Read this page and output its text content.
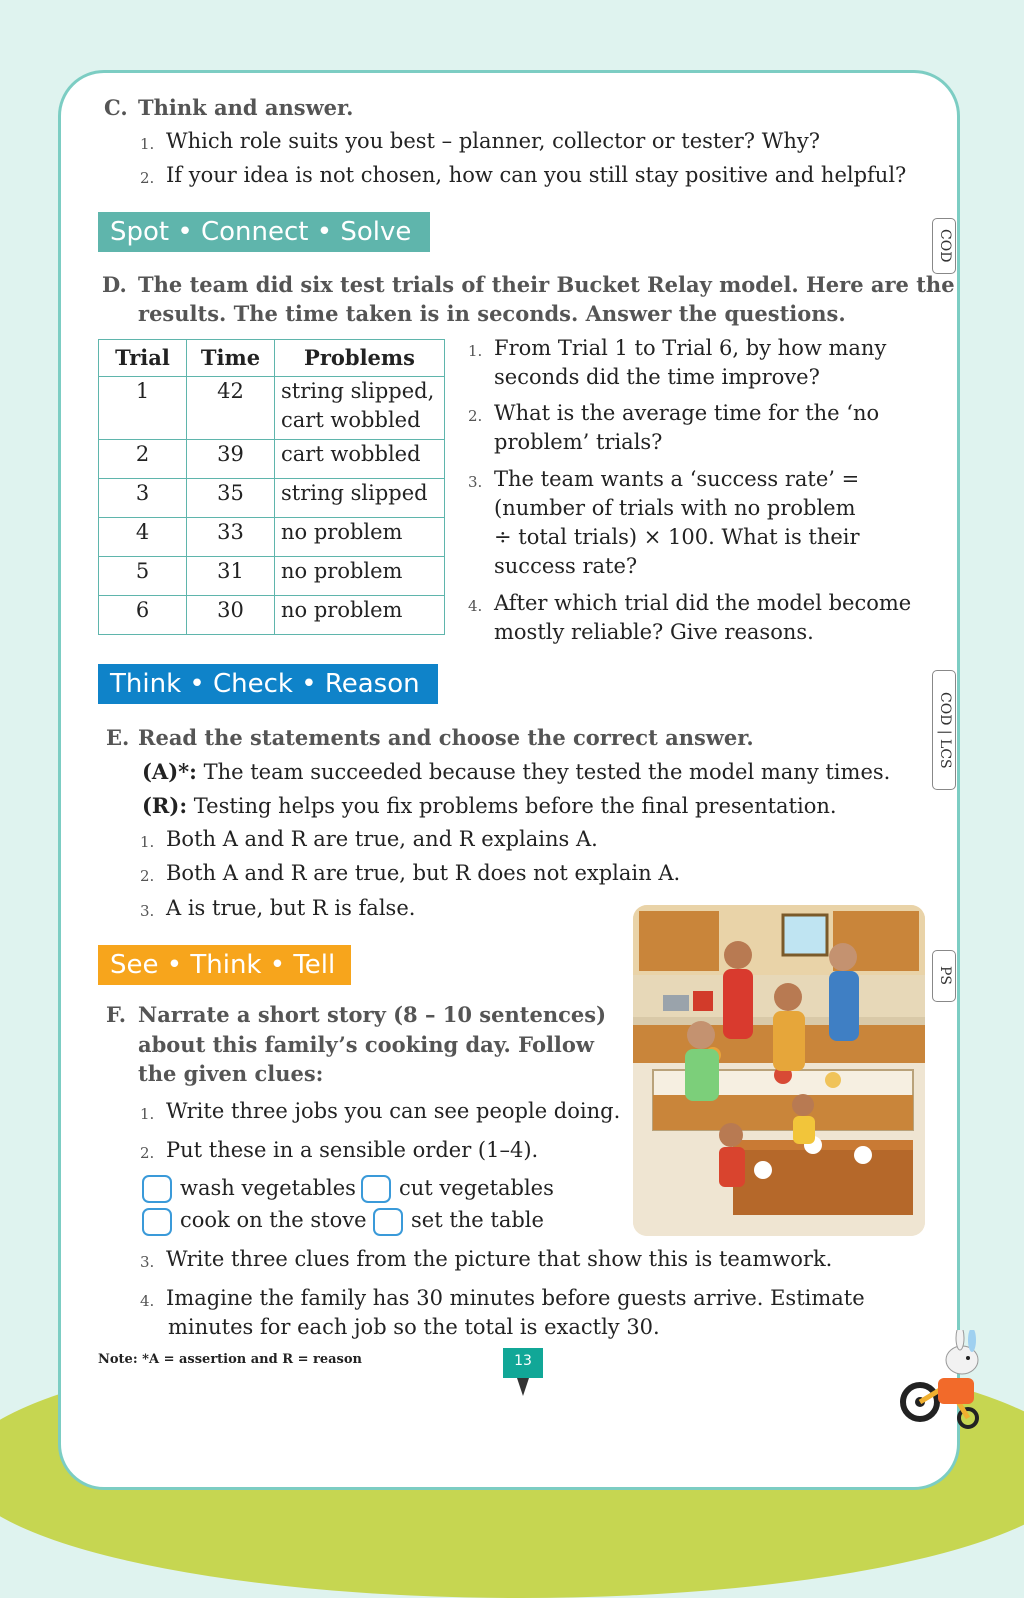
C. Think and answer.
1. Which role suits you best – planner, collector or tester? Why?
2. If your idea is not chosen, how can you still stay positive and helpful?
Spot • Connect • Solve	COD
D. The team did six test trials of their Bucket Relay model. Here are the
results. The time taken is in seconds. Answer the questions.
Trial	Time	Problems
1	42	string slipped,
cart wobbled
2	39	cart wobbled
3	35	string slipped
4	33	no problem
5	31	no problem
6	30	no problem
1. From Trial 1 to Trial 6, by how many
seconds did the time improve?
2. What is the average time for the ‘no
problem’ trials?
3. The team wants a ‘success rate’ =
(number of trials with no problem
÷ total trials) × 100. What is their
success rate?
4. After which trial did the model become
mostly reliable? Give reasons.
Think • Check • Reason
COD | LCS
E. Read the statements and choose the correct answer.
(A)*: The team succeeded because they tested the model many times.
(R): Testing helps you fix problems before the final presentation.
1. Both A and R are true, and R explains A.
2. Both A and R are true, but R does not explain A.
3. A is true, but R is false.
See • Think • Tell	PS
F. Narrate a short story (8 – 10 sentences)
about this family’s cooking day. Follow
the given clues:
1. Write three jobs you can see people doing.
2. Put these in a sensible order (1–4).
wash vegetables cut vegetables
cook on the stove set the table
3. Write three clues from the picture that show this is teamwork.
4. Imagine the family has 30 minutes before guests arrive. Estimate
minutes for each job so the total is exactly 30.
Note: *A = assertion and R = reason	13
